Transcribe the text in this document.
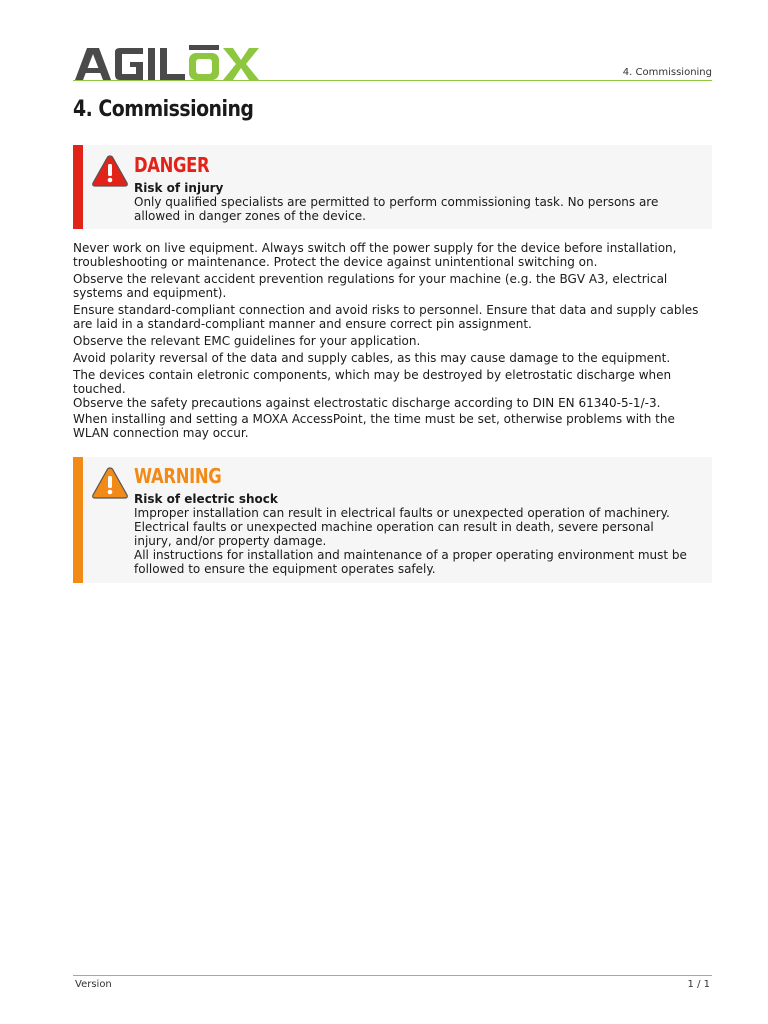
4. Commissioning
4. Commissioning
DANGER
Risk of injury
Only qualified specialists are permitted to perform commissioning task. No persons are allowed in danger zones of the device.

Never work on live equipment. Always switch off the power supply for the device before installation, troubleshooting or maintenance. Protect the device against unintentional switching on.

Observe the relevant accident prevention regulations for your machine (e.g. the BGV A3, electrical systems and equipment).

Ensure standard-compliant connection and avoid risks to personnel. Ensure that data and supply cables are laid in a standard-compliant manner and ensure correct pin assignment.

Observe the relevant EMC guidelines for your application.

Avoid polarity reversal of the data and supply cables, as this may cause damage to the equipment.

The devices contain eletronic components, which may be destroyed by eletrostatic discharge when touched.

Observe the safety precautions against electrostatic discharge according to DIN EN 61340-5-1/-3.

When installing and setting a MOXA AccessPoint, the time must be set, otherwise problems with the WLAN connection may occur.

WARNING
Risk of electric shock
Improper installation can result in electrical faults or unexpected operation of machinery.
Electrical faults or unexpected machine operation can result in death, severe personal injury, and/or property damage.
All instructions for installation and maintenance of a proper operating environment must be followed to ensure the equipment operates safely.
Version	1 / 1
